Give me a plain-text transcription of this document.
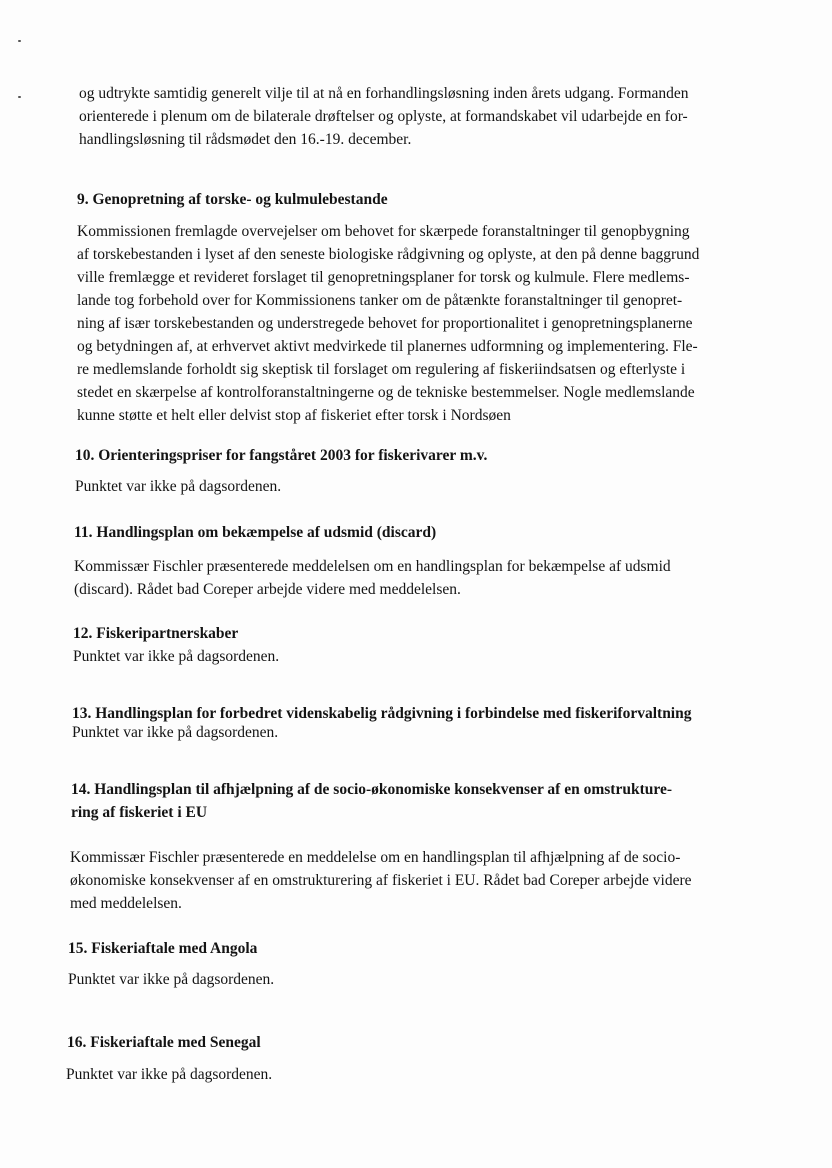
og udtrykte samtidig generelt vilje til at nå en forhandlingsløsning inden årets udgang. Formanden

orienterede i plenum om de bilaterale drøftelser og oplyste, at formandskabet vil udarbejde en for-

handlingsløsning til rådsmødet den 16.-19. december.

9. Genopretning af torske- og kulmulebestande

Kommissionen fremlagde overvejelser om behovet for skærpede foranstaltninger til genopbygning

af torskebestanden i lyset af den seneste biologiske rådgivning og oplyste, at den på denne baggrund

ville fremlægge et revideret forslaget til genopretningsplaner for torsk og kulmule. Flere medlems-

lande tog forbehold over for Kommissionens tanker om de påtænkte foranstaltninger til genopret-

ning af især torskebestanden og understregede behovet for proportionalitet i genopretningsplanerne

og betydningen af, at erhvervet aktivt medvirkede til planernes udformning og implementering. Fle-

re medlemslande forholdt sig skeptisk til forslaget om regulering af fiskeriindsatsen og efterlyste i

stedet en skærpelse af kontrolforanstaltningerne og de tekniske bestemmelser. Nogle medlemslande

kunne støtte et helt eller delvist stop af fiskeriet efter torsk i Nordsøen

10. Orienteringspriser for fangståret 2003 for fiskerivarer m.v.

Punktet var ikke på dagsordenen.

11. Handlingsplan om bekæmpelse af udsmid (discard)

Kommissær Fischler præsenterede meddelelsen om en handlingsplan for bekæmpelse af udsmid

(discard). Rådet bad Coreper arbejde videre med meddelelsen.

12. Fiskeripartnerskaber

Punktet var ikke på dagsordenen.

13. Handlingsplan for forbedret videnskabelig rådgivning i forbindelse med fiskeriforvaltning

Punktet var ikke på dagsordenen.

14. Handlingsplan til afhjælpning af de socio-økonomiske konsekvenser af en omstrukture-
ring af fiskeriet i EU

Kommissær Fischler præsenterede en meddelelse om en handlingsplan til afhjælpning af de socio-

økonomiske konsekvenser af en omstrukturering af fiskeriet i EU. Rådet bad Coreper arbejde videre

med meddelelsen.

15. Fiskeriaftale med Angola

Punktet var ikke på dagsordenen.

16. Fiskeriaftale med Senegal

Punktet var ikke på dagsordenen.
